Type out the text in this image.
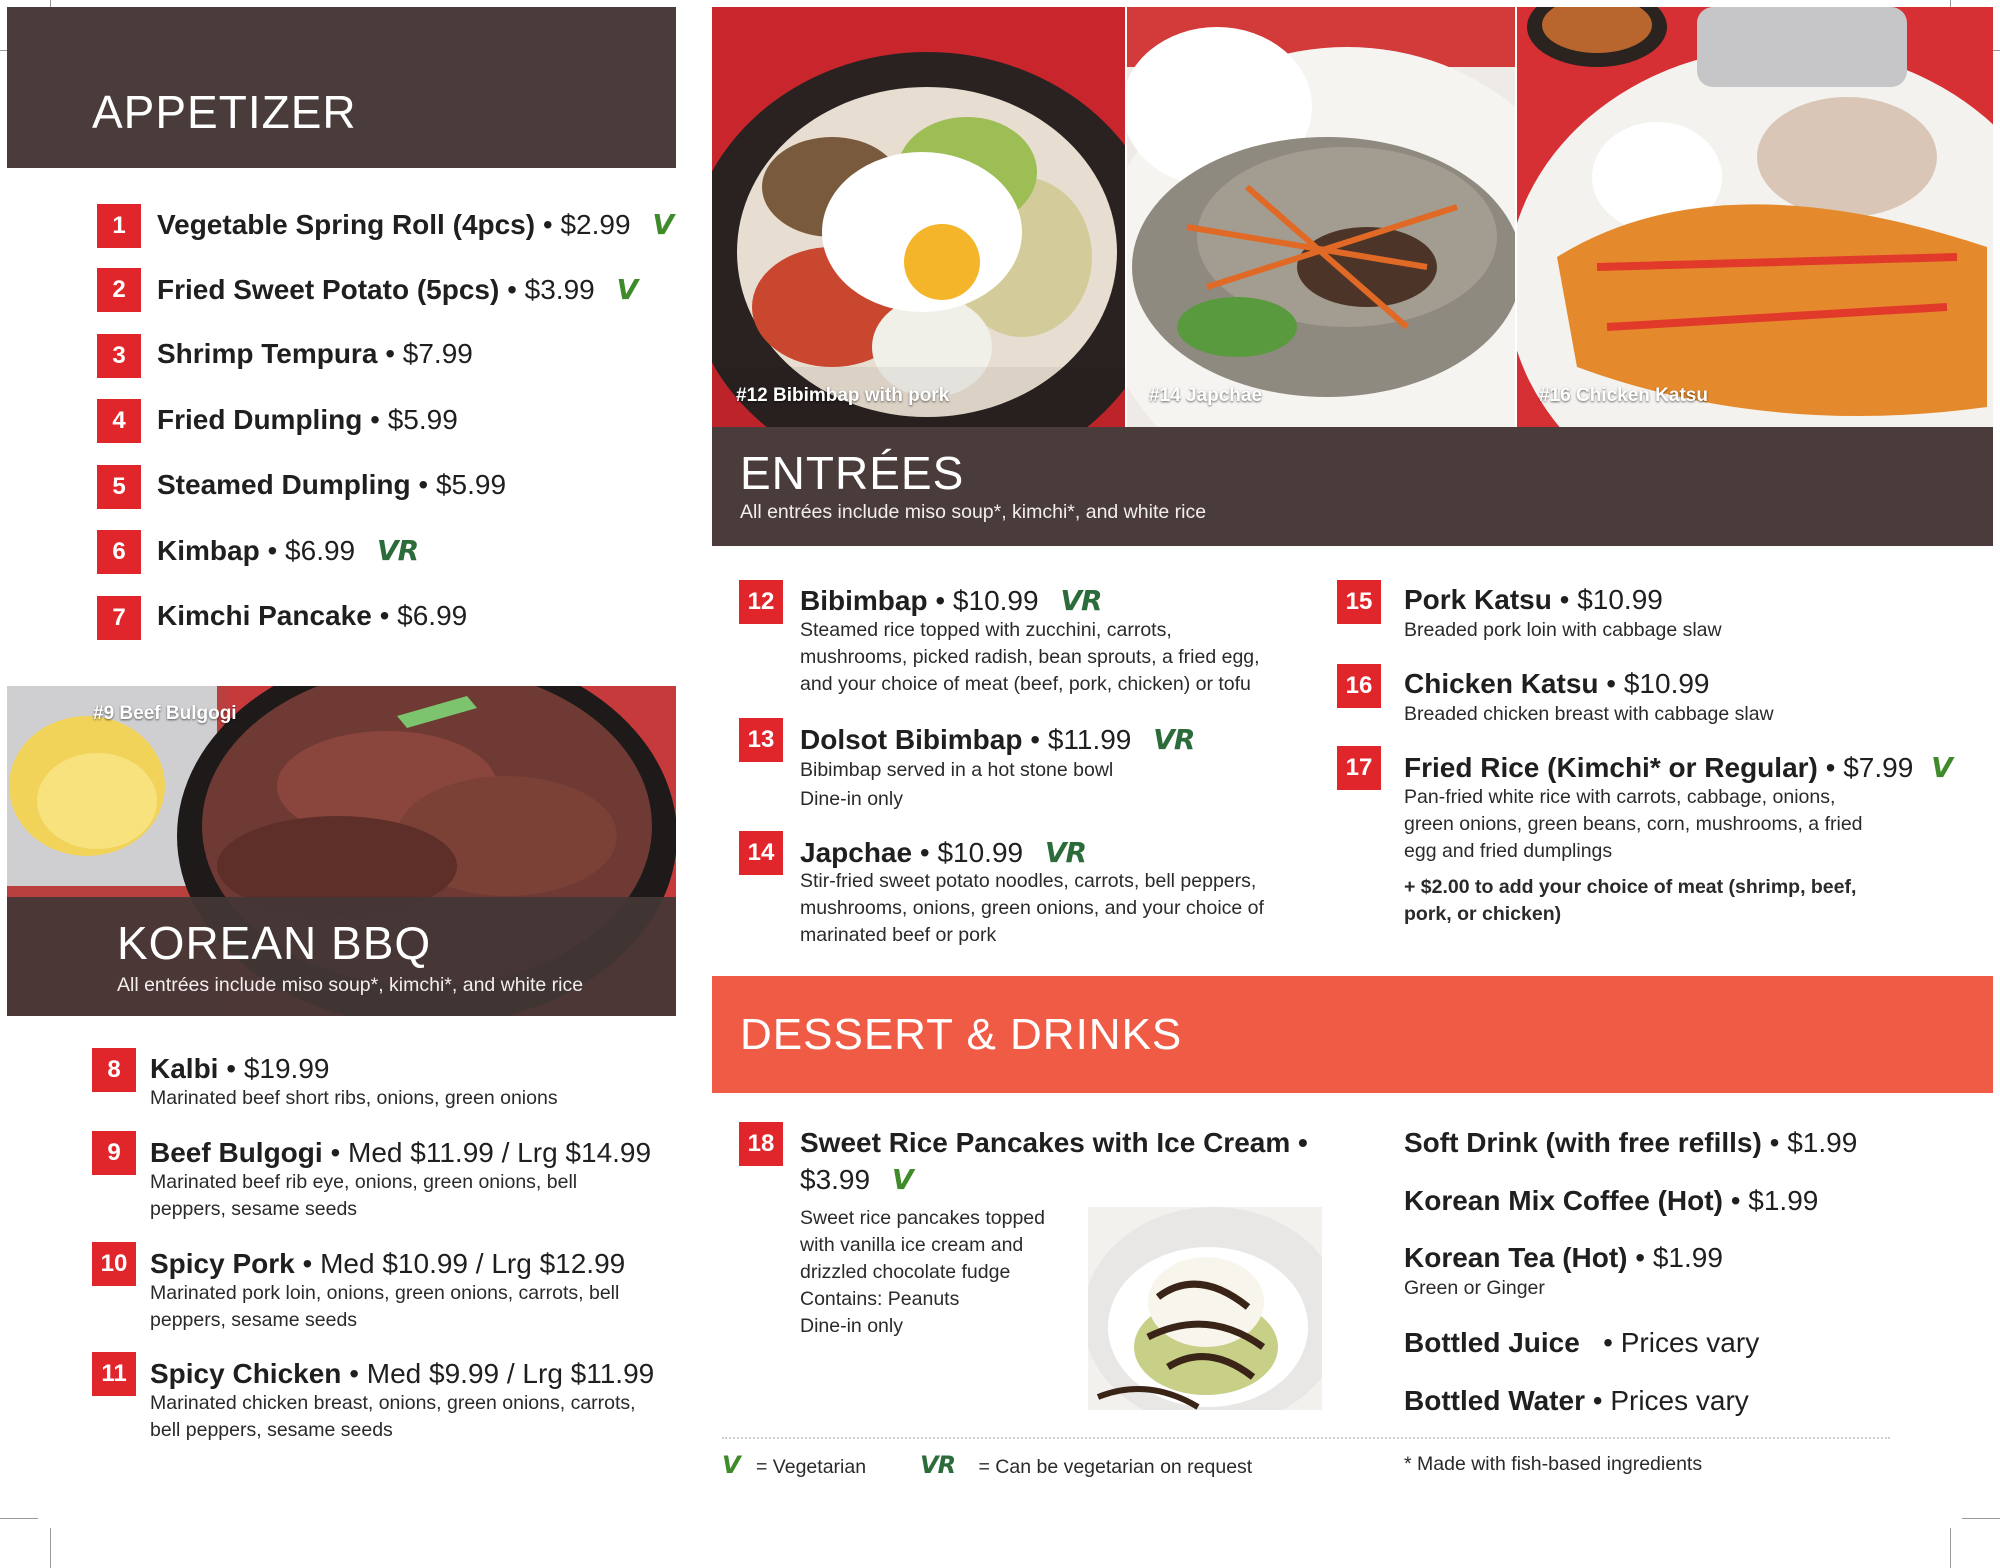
APPETIZER
1	Vegetable Spring Roll (4pcs) • $2.99 V
2	Fried Sweet Potato (5pcs) • $3.99 V
3	Shrimp Tempura • $7.99
4	Fried Dumpling • $5.99
5	Steamed Dumpling • $5.99
6	Kimbap • $6.99 VR
7	Kimchi Pancake • $6.99
#9 Beef Bulgogi
KOREAN BBQ
All entrées include miso soup*, kimchi*, and white rice
8	Kalbi • $19.99
Marinated beef short ribs, onions, green onions
9	Beef Bulgogi • Med $11.99 / Lrg $14.99
Marinated beef rib eye, onions, green onions, bell peppers, sesame seeds
10 Spicy Pork • Med $10.99 / Lrg $12.99
Marinated pork loin, onions, green onions, carrots, bell peppers, sesame seeds
11 Spicy Chicken • Med $9.99 / Lrg $11.99
Marinated chicken breast, onions, green onions, carrots, bell peppers, sesame seeds
#12 Bibimbap with pork	#14 Japchae	#16 Chicken Katsu
ENTRÉES
All entrées include miso soup*, kimchi*, and white rice
12 Bibimbap • $10.99 VR
Steamed rice topped with zucchini, carrots,
mushrooms, picked radish, bean sprouts, a fried egg,
and your choice of meat (beef, pork, chicken) or tofu
13 Dolsot Bibimbap • $11.99 VR
Bibimbap served in a hot stone bowl
Dine-in only
14 Japchae • $10.99 VR
Stir-fried sweet potato noodles, carrots, bell peppers,
mushrooms, onions, green onions, and your choice of
marinated beef or pork
15	Pork Katsu • $10.99
Breaded pork loin with cabbage slaw
16	Chicken Katsu • $10.99
Breaded chicken breast with cabbage slaw
17	Fried Rice (Kimchi* or Regular) • $7.99 V
Pan-fried white rice with carrots, cabbage, onions,
green onions, green beans, corn, mushrooms, a fried
egg and fried dumplings
+ $2.00 to add your choice of meat (shrimp, beef,
pork, or chicken)
DESSERT & DRINKS
18 Sweet Rice Pancakes with Ice Cream •
$3.99 V
Sweet rice pancakes topped
with vanilla ice cream and
drizzled chocolate fudge
Contains: Peanuts
Dine-in only
Soft Drink (with free refills) • $1.99
Korean Mix Coffee (Hot) • $1.99
Korean Tea (Hot) • $1.99
Green or Ginger
Bottled Juice   • Prices vary
Bottled Water • Prices vary
V = Vegetarian VR = Can be vegetarian on request	* Made with fish-based ingredients
